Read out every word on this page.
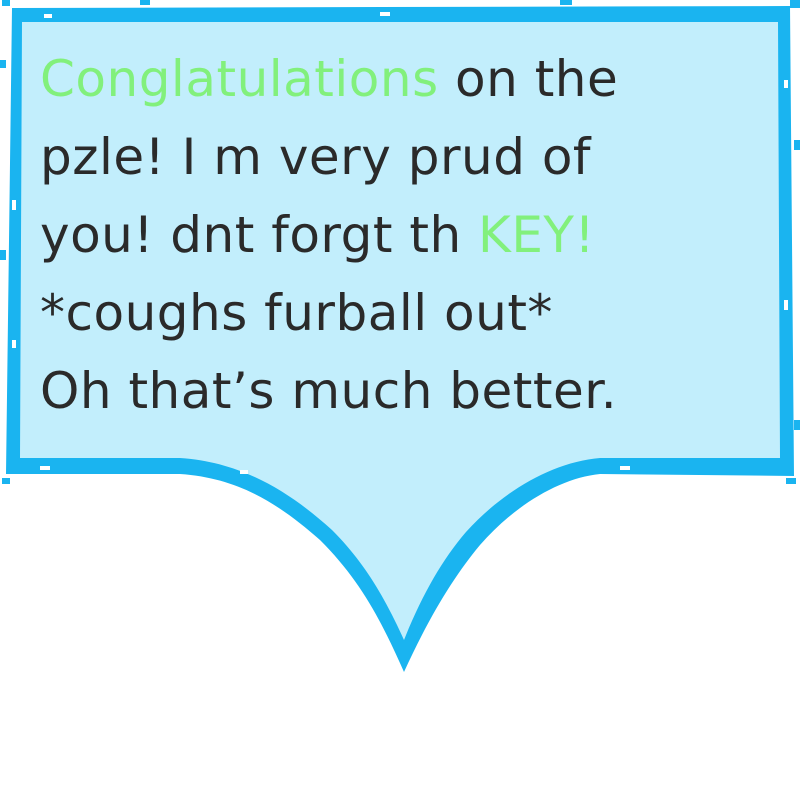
Conglatulations on the
pzle! I m very prud of
you! dnt forgt th KEY!
*coughs furball out*
Oh that’s much better.
